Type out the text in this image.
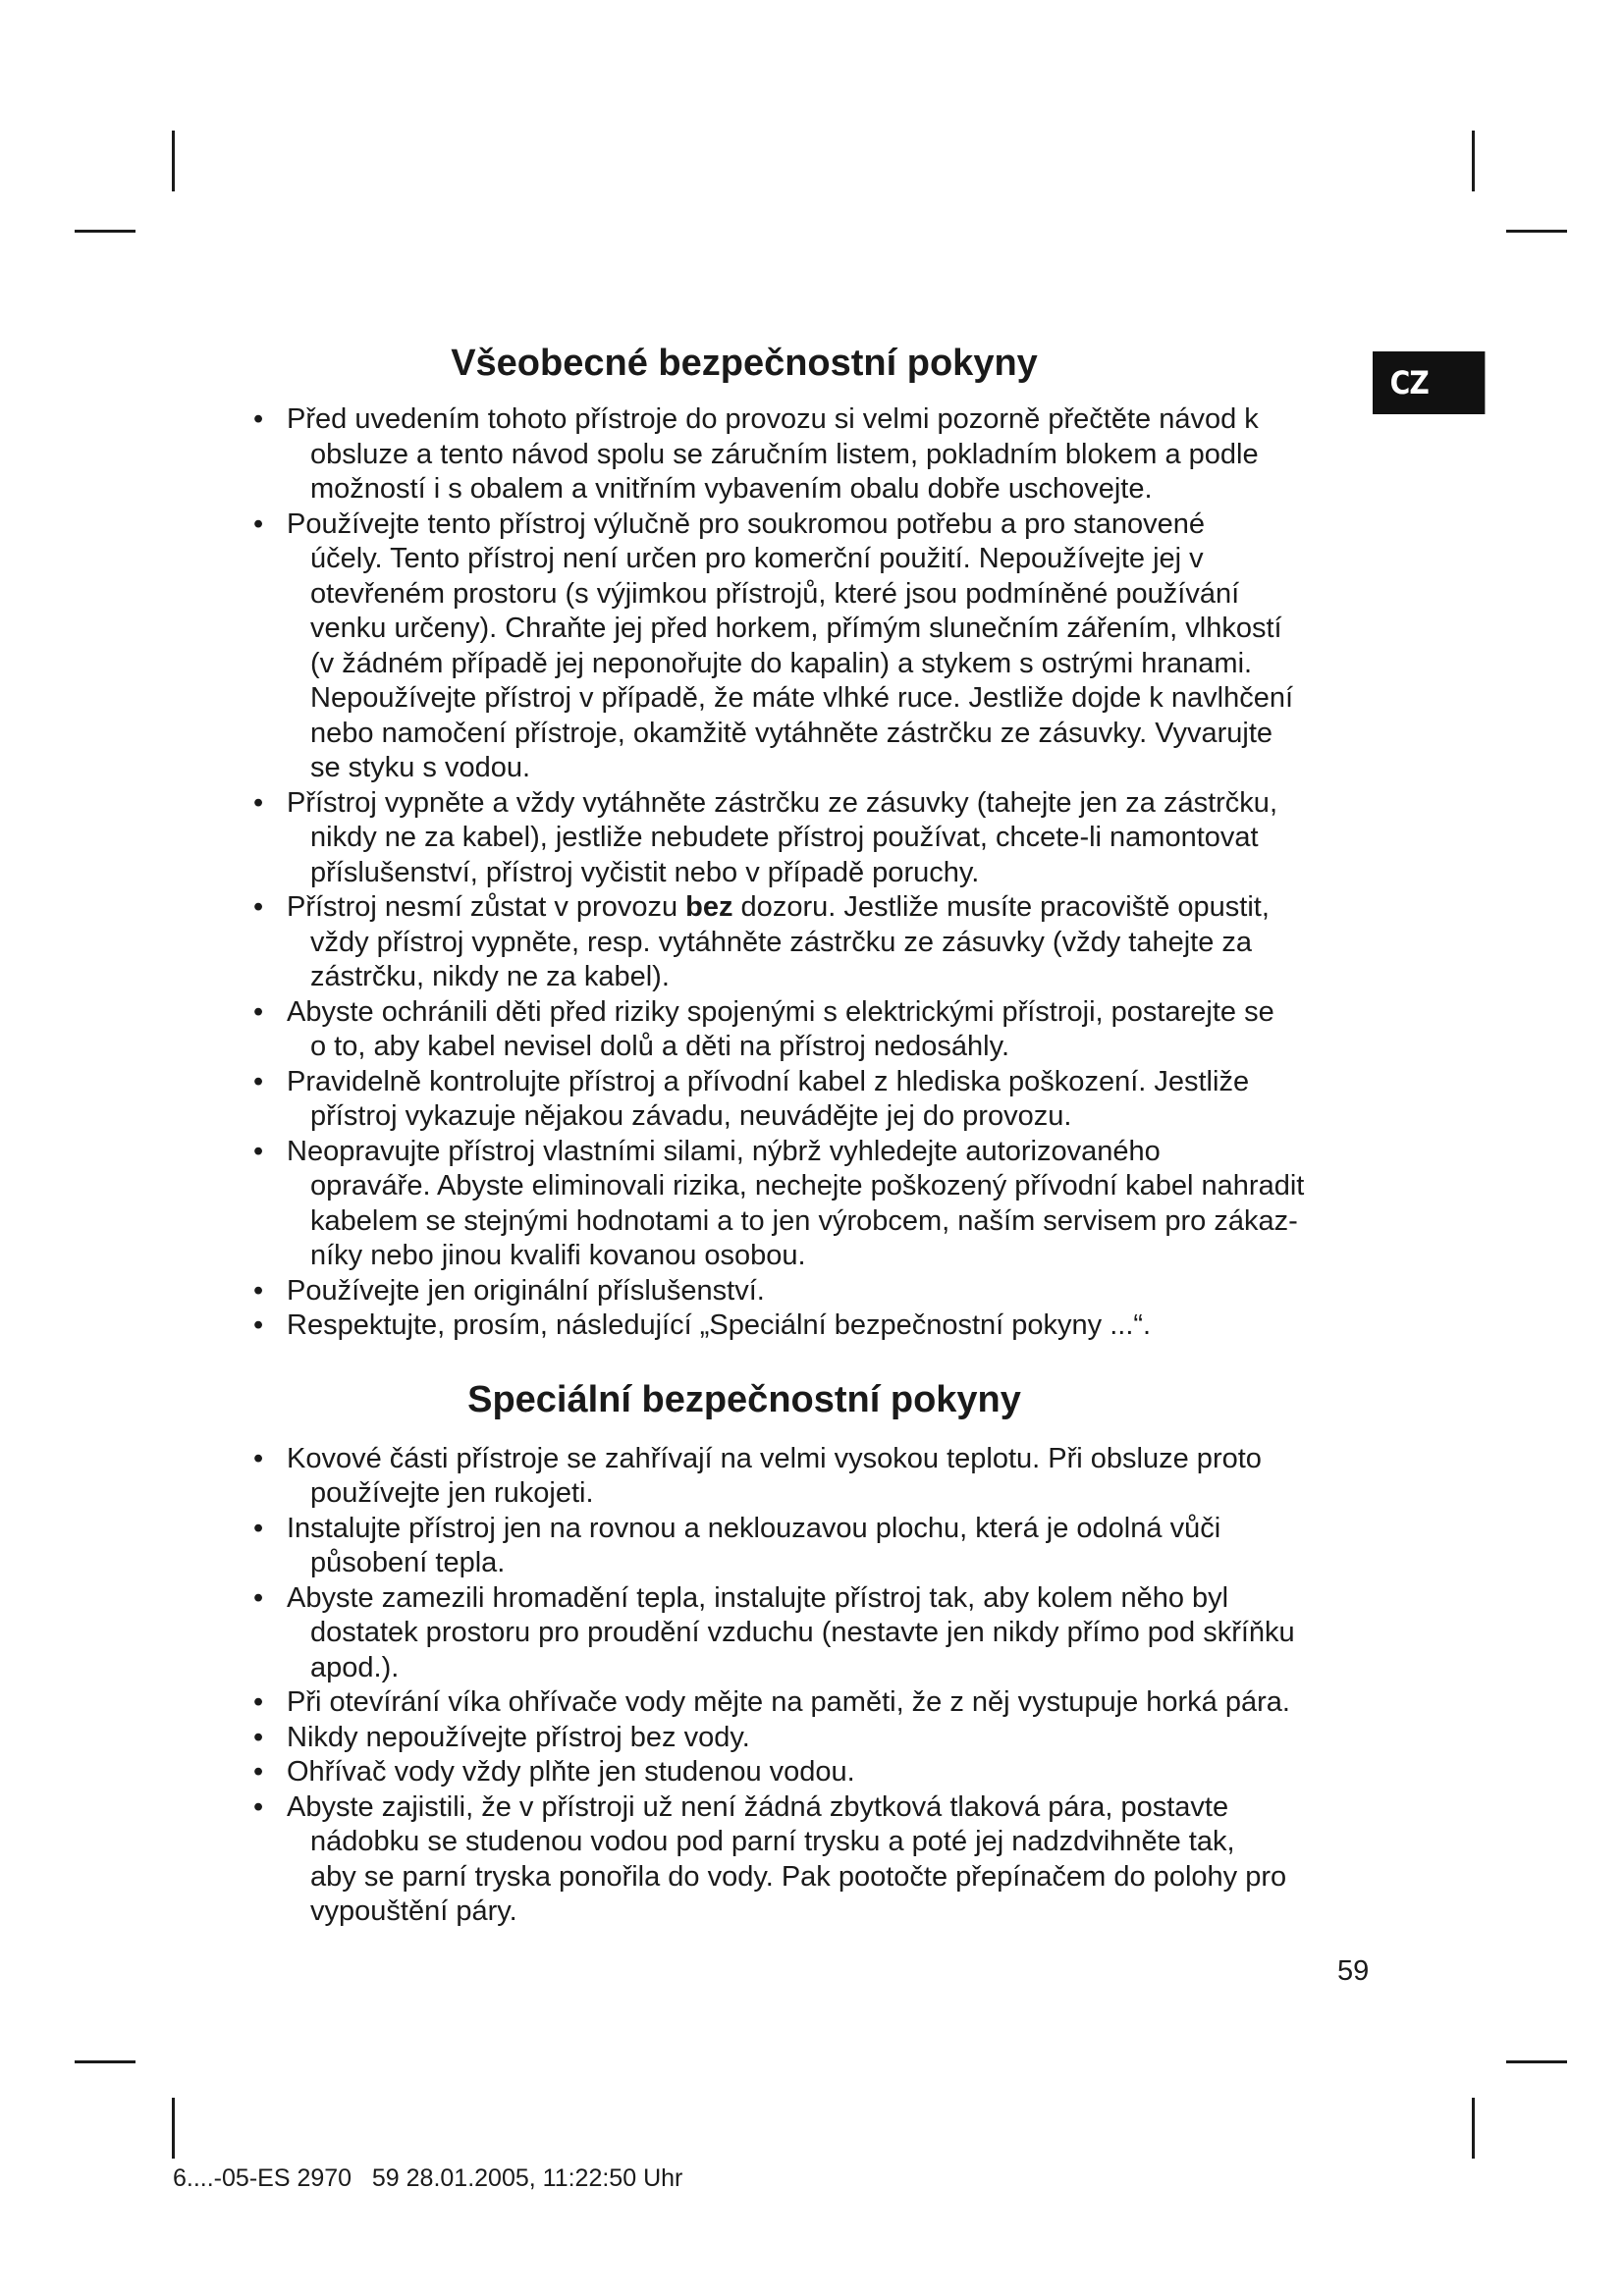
CZ
Všeobecné bezpečnostní pokyny
• Před uvedením tohoto přístroje do provozu si velmi pozorně přečtěte návod k
obsluze a tento návod spolu se záručním listem, pokladním blokem a podle
možností i s obalem a vnitřním vybavením obalu dobře uschovejte.
• Používejte tento přístroj výlučně pro soukromou potřebu a pro stanovené
účely. Tento přístroj není určen pro komerční použití. Nepoužívejte jej v
otevřeném prostoru (s výjimkou přístrojů, které jsou podmíněné používání
venku určeny). Chraňte jej před horkem, přímým slunečním zářením, vlhkostí
(v žádném případě jej neponořujte do kapalin) a stykem s ostrými hranami.
Nepoužívejte přístroj v případě, že máte vlhké ruce. Jestliže dojde k navlhčení
nebo namočení přístroje, okamžitě vytáhněte zástrčku ze zásuvky. Vyvarujte
se styku s vodou.
• Přístroj vypněte a vždy vytáhněte zástrčku ze zásuvky (tahejte jen za zástrčku,
nikdy ne za kabel), jestliže nebudete přístroj používat, chcete-li namontovat
příslušenství, přístroj vyčistit nebo v případě poruchy.
• Přístroj nesmí zůstat v provozu bez dozoru. Jestliže musíte pracoviště opustit,
vždy přístroj vypněte, resp. vytáhněte zástrčku ze zásuvky (vždy tahejte za
zástrčku, nikdy ne za kabel).
• Abyste ochránili děti před riziky spojenými s elektrickými přístroji, postarejte se
o to, aby kabel nevisel dolů a děti na přístroj nedosáhly.
• Pravidelně kontrolujte přístroj a přívodní kabel z hlediska poškození. Jestliže
přístroj vykazuje nějakou závadu, neuvádějte jej do provozu.
• Neopravujte přístroj vlastními silami, nýbrž vyhledejte autorizovaného
opraváře. Abyste eliminovali rizika, nechejte poškozený přívodní kabel nahradit
kabelem se stejnými hodnotami a to jen výrobcem, naším servisem pro zákaz-
níky nebo jinou kvalifi kovanou osobou.
• Používejte jen originální příslušenství.
• Respektujte, prosím, následující „Speciální bezpečnostní pokyny ...“.
Speciální bezpečnostní pokyny
• Kovové části přístroje se zahřívají na velmi vysokou teplotu. Při obsluze proto
používejte jen rukojeti.
• Instalujte přístroj jen na rovnou a neklouzavou plochu, která je odolná vůči
působení tepla.
• Abyste zamezili hromadění tepla, instalujte přístroj tak, aby kolem něho byl
dostatek prostoru pro proudění vzduchu (nestavte jen nikdy přímo pod skříňku
apod.).
• Při otevírání víka ohřívače vody mějte na paměti, že z něj vystupuje horká pára.
• Nikdy nepoužívejte přístroj bez vody.
• Ohřívač vody vždy plňte jen studenou vodou.
• Abyste zajistili, že v přístroji už není žádná zbytková tlaková pára, postavte
nádobku se studenou vodou pod parní trysku a poté jej nadzdvihněte tak,
aby se parní tryska ponořila do vody. Pak pootočte přepínačem do polohy pro
vypouštění páry.
59
6....-05-ES 2970   59 28.01.2005, 11:22:50 Uhr
